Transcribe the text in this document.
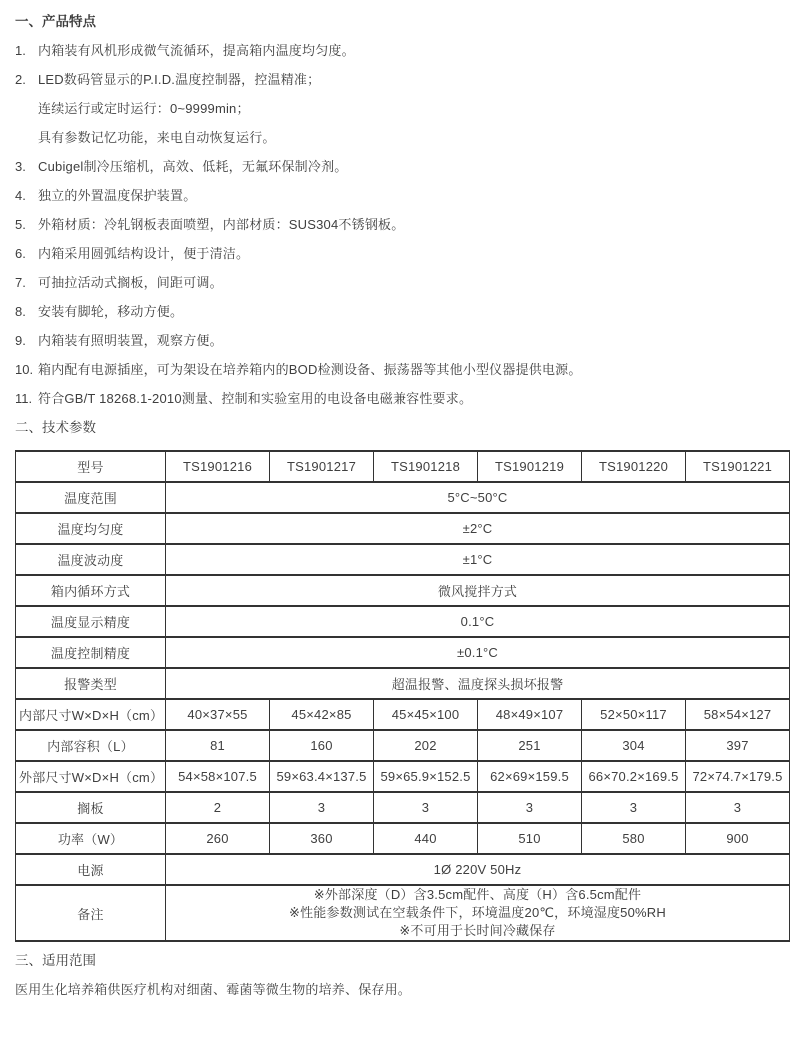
一、产品特点
1. 内箱装有风机形成微气流循环，提高箱内温度均匀度。
2. LED数码管显示的P.I.D.温度控制器，控温精准；
连续运行或定时运行：0~9999min；
具有参数记忆功能，来电自动恢复运行。
3. Cubigel制冷压缩机，高效、低耗，无氟环保制冷剂。
4. 独立的外置温度保护装置。
5. 外箱材质：冷轧钢板表面喷塑，内部材质：SUS304不锈钢板。
6. 内箱采用圆弧结构设计，便于清洁。
7. 可抽拉活动式搁板，间距可调。
8. 安装有脚轮，移动方便。
9. 内箱装有照明装置，观察方便。
10. 箱内配有电源插座，可为架设在培养箱内的BOD检测设备、振荡器等其他小型仪器提供电源。
11. 符合GB/T 18268.1-2010测量、控制和实验室用的电设备电磁兼容性要求。
二、技术参数
型号	TS1901216	TS1901217	TS1901218	TS1901219	TS1901220	TS1901221
温度范围	5°C~50°C					
温度均匀度	±2°C					
温度波动度	±1°C					
箱内循环方式	微风搅拌方式					
温度显示精度	0.1°C					
温度控制精度	±0.1°C					
报警类型	超温报警、温度探头损坏报警					
内部尺寸W×D×H（cm）	40×37×55	45×42×85	45×45×100	48×49×107	52×50×117	58×54×127
内部容积（L）	81	160	202	251	304	397
外部尺寸W×D×H（cm）	54×58×107.5	59×63.4×137.5	59×65.9×152.5	62×69×159.5	66×70.2×169.5	72×74.7×179.5
搁板	2	3	3	3	3	3
功率（W）	260	360	440	510	580	900
电源	1Ø 220V 50Hz					
备注	※外部深度（D）含3.5cm配件、高度（H）含6.5cm配件
※性能参数测试在空载条件下，环境温度20℃，环境湿度50%RH
※不可用于长时间冷藏保存					
三、适用范围
医用生化培养箱供医疗机构对细菌、霉菌等微生物的培养、保存用。
